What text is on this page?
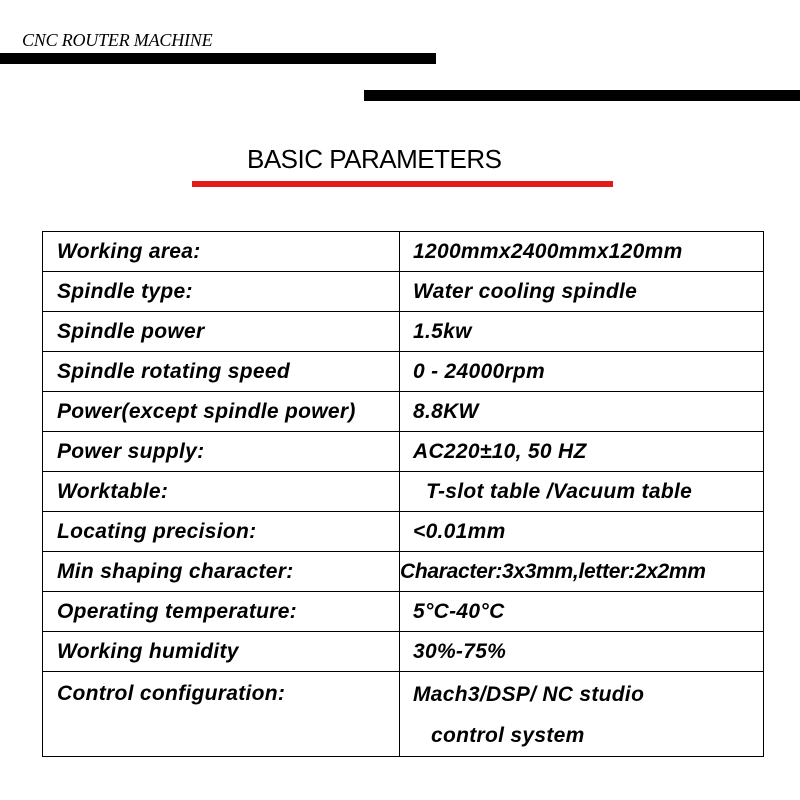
CNC ROUTER MACHINE
BASIC PARAMETERS
Working area:	1200mmx2400mmx120mm
Spindle type:	Water cooling spindle
Spindle power	1.5kw
Spindle rotating speed	0 - 24000rpm
Power(except spindle power)	8.8KW
Power supply:	AC220±10, 50 HZ
Worktable:	T-slot table /Vacuum table
Locating precision:	<0.01mm
Min shaping character:	Character:3x3mm,letter:2x2mm
Operating temperature:	5°C-40°C
Working humidity	30%-75%
Control configuration:	Mach3/DSP/ NC studio
control system
